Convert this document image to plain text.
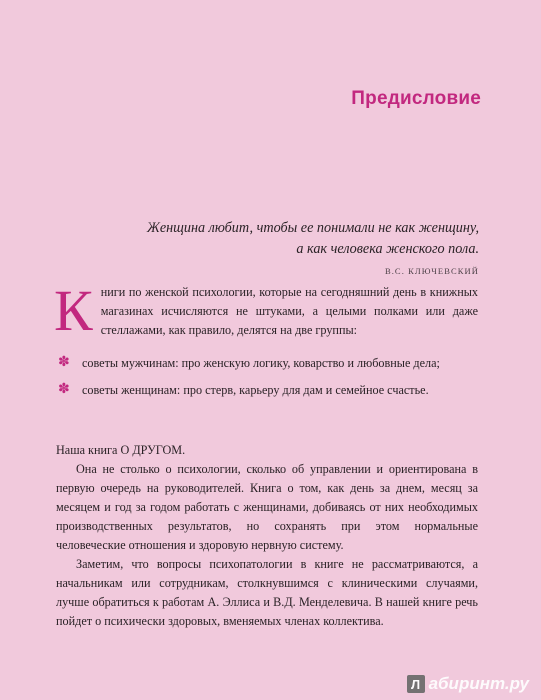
Предисловие
Женщина любит, чтобы ее понимали не как женщину,
а как человека женского пола.
В.С. КЛЮЧЕВСКИЙ
Книги по женской психологии, которые на сегодняшний день в книжных магазинах исчисляются не штуками, а целыми полками или даже стеллажами, как правило, делятся на две группы:
✽ советы мужчинам: про женскую логику, коварство и любовные дела;
✽ советы женщинам: про стерв, карьеру для дам и семейное счастье.

Наша книга О ДРУГОМ.

Она не столько о психологии, сколько об управлении и ориентирована в первую очередь на руководителей. Книга о том, как день за днем, месяц за месяцем и год за годом работать с женщинами, добиваясь от них необходимых производственных результатов, но сохранять при этом нормальные человеческие отношения и здоровую нервную систему.

Заметим, что вопросы психопатологии в книге не рассматриваются, а начальникам или сотрудникам, столкнувшимся с клиническими случаями, лучше обратиться к работам А. Эллиса и В.Д. Менделевича. В нашей книге речь пойдет о психически здоровых, вменяемых членах коллектива.

Л абиринт.ру
